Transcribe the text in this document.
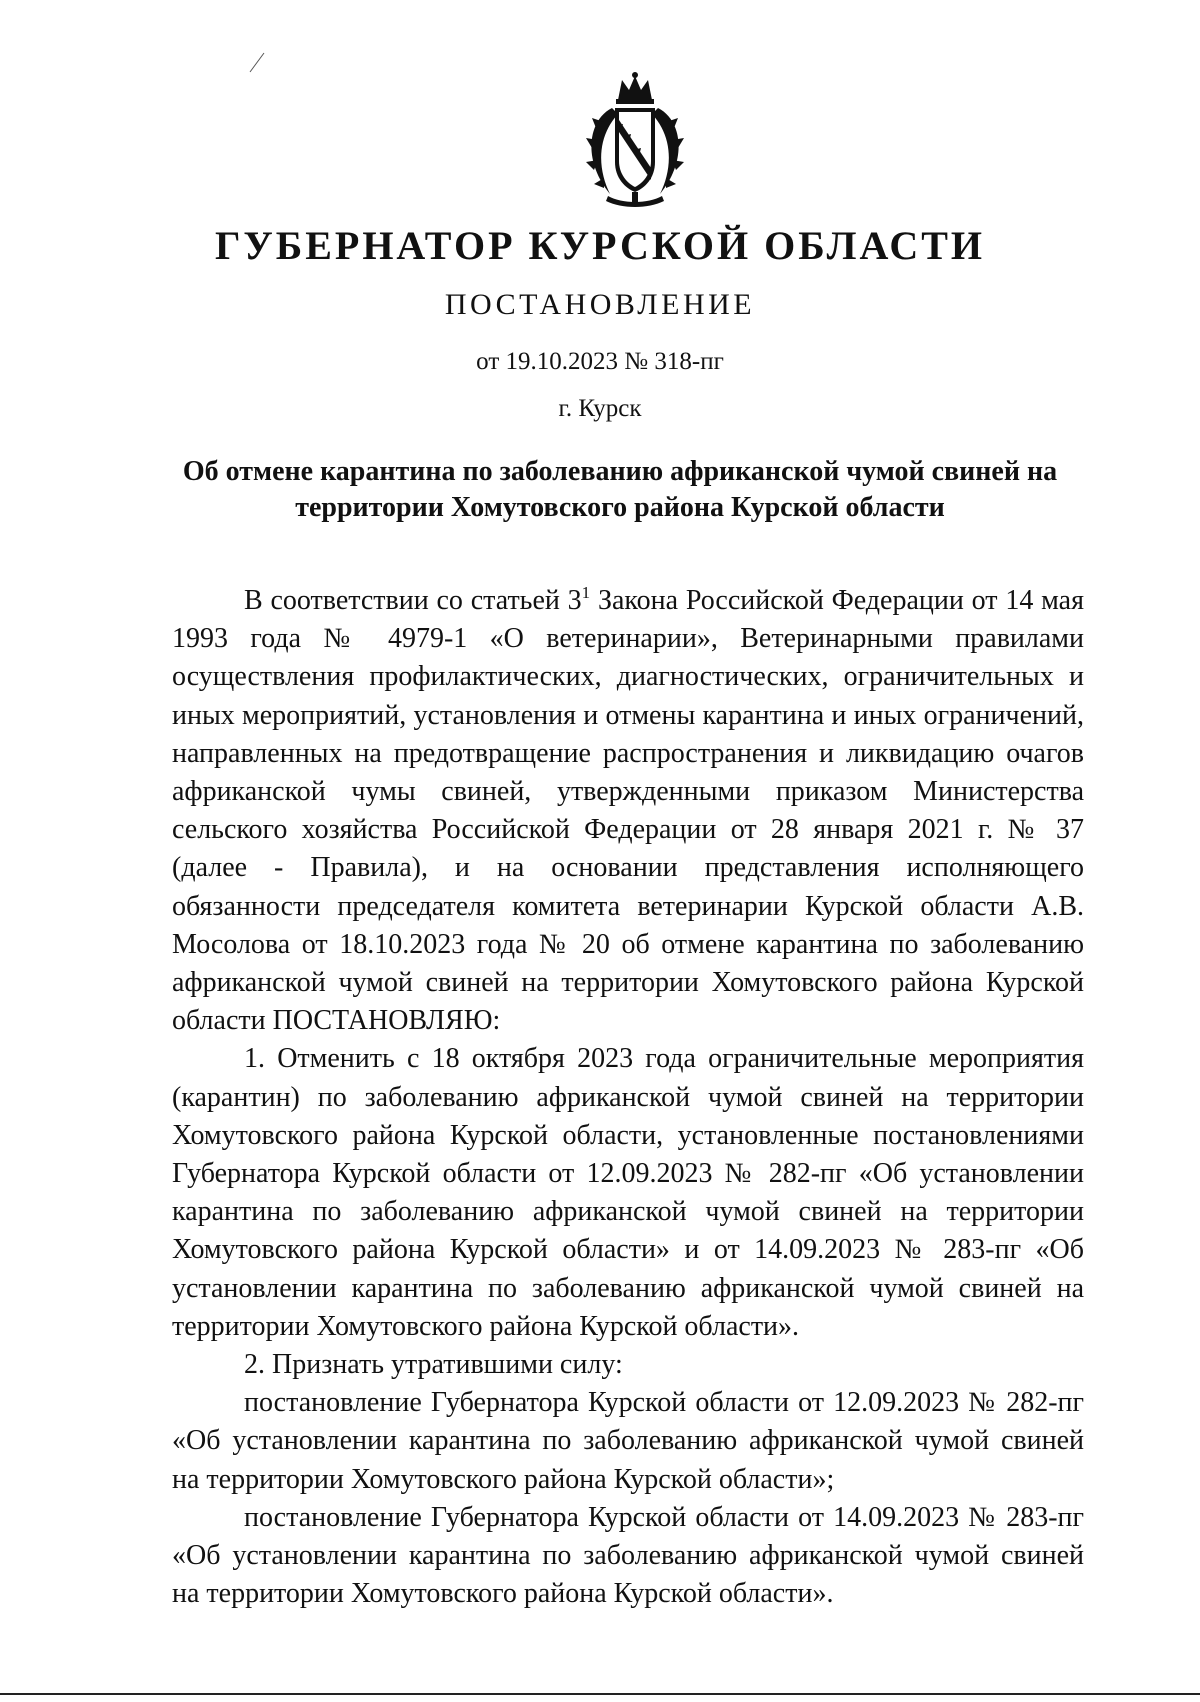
ГУБЕРНАТОР КУРСКОЙ ОБЛАСТИ
ПОСТАНОВЛЕНИЕ
от 19.10.2023 № 318-пг
г. Курск
Об отмене карантина по заболеванию африканской чумой свиней на
территории Хомутовского района Курской области

В соответствии со статьей $3^1$ Закона Российской Федерации от 14 мая 1993 года № 4979-1 «О ветеринарии», Ветеринарными правилами осуществления профилактических, диагностических, ограничительных и иных мероприятий, установления и отмены карантина и иных ограничений, направленных на предотвращение распространения и ликвидацию очагов африканской чумы свиней, утвержденными приказом Министерства сельского хозяйства Российской Федерации от 28 января 2021 г. № 37 (далее - Правила), и на основании представления исполняющего обязанности председателя комитета ветеринарии Курской области А.В. Мосолова от 18.10.2023 года № 20 об отмене карантина по заболеванию африканской чумой свиней на территории Хомутовского района Курской области ПОСТАНОВЛЯЮ:

1. Отменить с 18 октября 2023 года ограничительные мероприятия (карантин) по заболеванию африканской чумой свиней на территории Хомутовского района Курской области, установленные постановлениями Губернатора Курской области от 12.09.2023 № 282-пг «Об установлении карантина по заболеванию африканской чумой свиней на территории Хомутовского района Курской области» и от 14.09.2023 № 283-пг «Об установлении карантина по заболеванию африканской чумой свиней на территории Хомутовского района Курской области».

2. Признать утратившими силу:

постановление Губернатора Курской области от 12.09.2023 № 282-пг «Об установлении карантина по заболеванию африканской чумой свиней на территории Хомутовского района Курской области»;

постановление Губернатора Курской области от 14.09.2023 № 283-пг «Об установлении карантина по заболеванию африканской чумой свиней на территории Хомутовского района Курской области».
